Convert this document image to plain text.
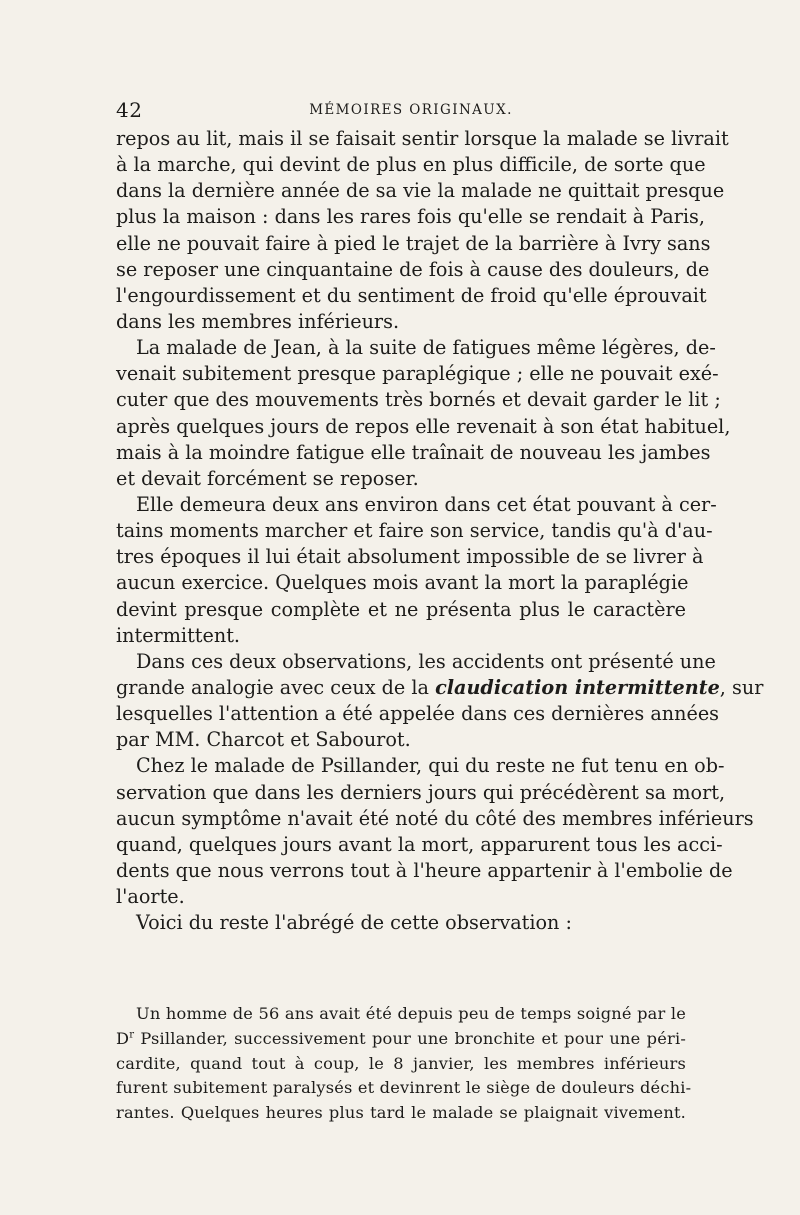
42	MÉMOIRES ORIGINAUX.
repos au lit, mais il se faisait sentir lorsque la malade se livrait
à la marche, qui devint de plus en plus difficile, de sorte que
dans la dernière année de sa vie la malade ne quittait presque
plus la maison : dans les rares fois qu'elle se rendait à Paris,
elle ne pouvait faire à pied le trajet de la barrière à Ivry sans
se reposer une cinquantaine de fois à cause des douleurs, de
l'engourdissement et du sentiment de froid qu'elle éprouvait
dans les membres inférieurs.
La malade de Jean, à la suite de fatigues même légères, de-
venait subitement presque paraplégique ; elle ne pouvait exé-
cuter que des mouvements très bornés et devait garder le lit ;
après quelques jours de repos elle revenait à son état habituel,
mais à la moindre fatigue elle traînait de nouveau les jambes
et devait forcément se reposer.
Elle demeura deux ans environ dans cet état pouvant à cer-
tains moments marcher et faire son service, tandis qu'à d'au-
tres époques il lui était absolument impossible de se livrer à
aucun exercice. Quelques mois avant la mort la paraplégie
devint presque complète et ne présenta plus le caractère
intermittent.
Dans ces deux observations, les accidents ont présenté une
grande analogie avec ceux de la claudication intermittente, sur
lesquelles l'attention a été appelée dans ces dernières années
par MM. Charcot et Sabourot.
Chez le malade de Psillander, qui du reste ne fut tenu en ob-
servation que dans les derniers jours qui précédèrent sa mort,
aucun symptôme n'avait été noté du côté des membres inférieurs
quand, quelques jours avant la mort, apparurent tous les acci-
dents que nous verrons tout à l'heure appartenir à l'embolie de
l'aorte.
Voici du reste l'abrégé de cette observation :
Un homme de 56 ans avait été depuis peu de temps soigné par le
$D^r$ Psillander, successivement pour une bronchite et pour une péri-
cardite, quand tout à coup, le 8 janvier, les membres inférieurs
furent subitement paralysés et devinrent le siège de douleurs déchi-
rantes. Quelques heures plus tard le malade se plaignait vivement.
